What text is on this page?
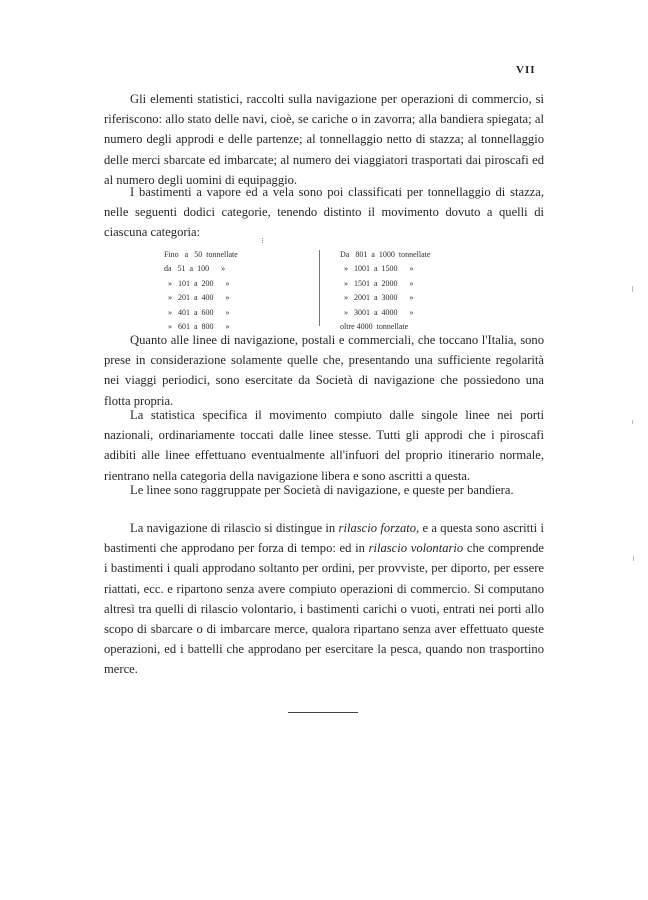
VII

Gli elementi statistici, raccolti sulla navigazione per operazioni di commercio, si riferiscono: allo stato delle navi, cioè, se cariche o in zavorra; alla bandiera spiegata; al numero degli approdi e delle partenze; al tonnellaggio netto di stazza; al tonnellaggio delle merci sbarcate ed imbarcate; al numero dei viaggiatori trasportati dai piroscafi ed al numero degli uomini di equipaggio.

I bastimenti a vapore ed a vela sono poi classificati per tonnellaggio di stazza, nelle seguenti dodici categorie, tenendo distinto il movimento dovuto a quelli di ciascuna categoria:

Fino   a   50  tonnellate
da   51  a  100      »
»   101  a  200      »
»   201  a  400      »
»   401  a  600      »
»   601  a  800      »
Da   801  a  1000  tonnellate
»   1001  a  1500      »
»   1501  a  2000      »
»   2001  a  3000      »
»   3001  a  4000      »
oltre 4000  tonnellate

Quanto alle linee di navigazione, postali e commerciali, che toccano l'Italia, sono prese in considerazione solamente quelle che, presentando una sufficiente regolarità nei viaggi periodici, sono esercitate da Società di navigazione che possiedono una flotta propria.

La statistica specifica il movimento compiuto dalle singole linee nei porti nazionali, ordinariamente toccati dalle linee stesse. Tutti gli approdi che i piroscafi adibiti alle linee effettuano eventualmente all'infuori del proprio itinerario normale, rientrano nella categoria della navigazione libera e sono ascritti a questa.

Le linee sono raggruppate per Società di navigazione, e queste per bandiera.

La navigazione di rilascio si distingue in rilascio forzato, e a questa sono ascritti i bastimenti che approdano per forza di tempo: ed in rilascio volontario che comprende i bastimenti i quali approdano soltanto per ordini, per provviste, per diporto, per essere riattati, ecc. e ripartono senza avere compiuto operazioni di commercio. Si computano altresì tra quelli di rilascio volontario, i bastimenti carichi o vuoti, entrati nei porti allo scopo di sbarcare o di imbarcare merce, qualora ripartano senza aver effettuato queste operazioni, ed i battelli che approdano per esercitare la pesca, quando non trasportino merce.
